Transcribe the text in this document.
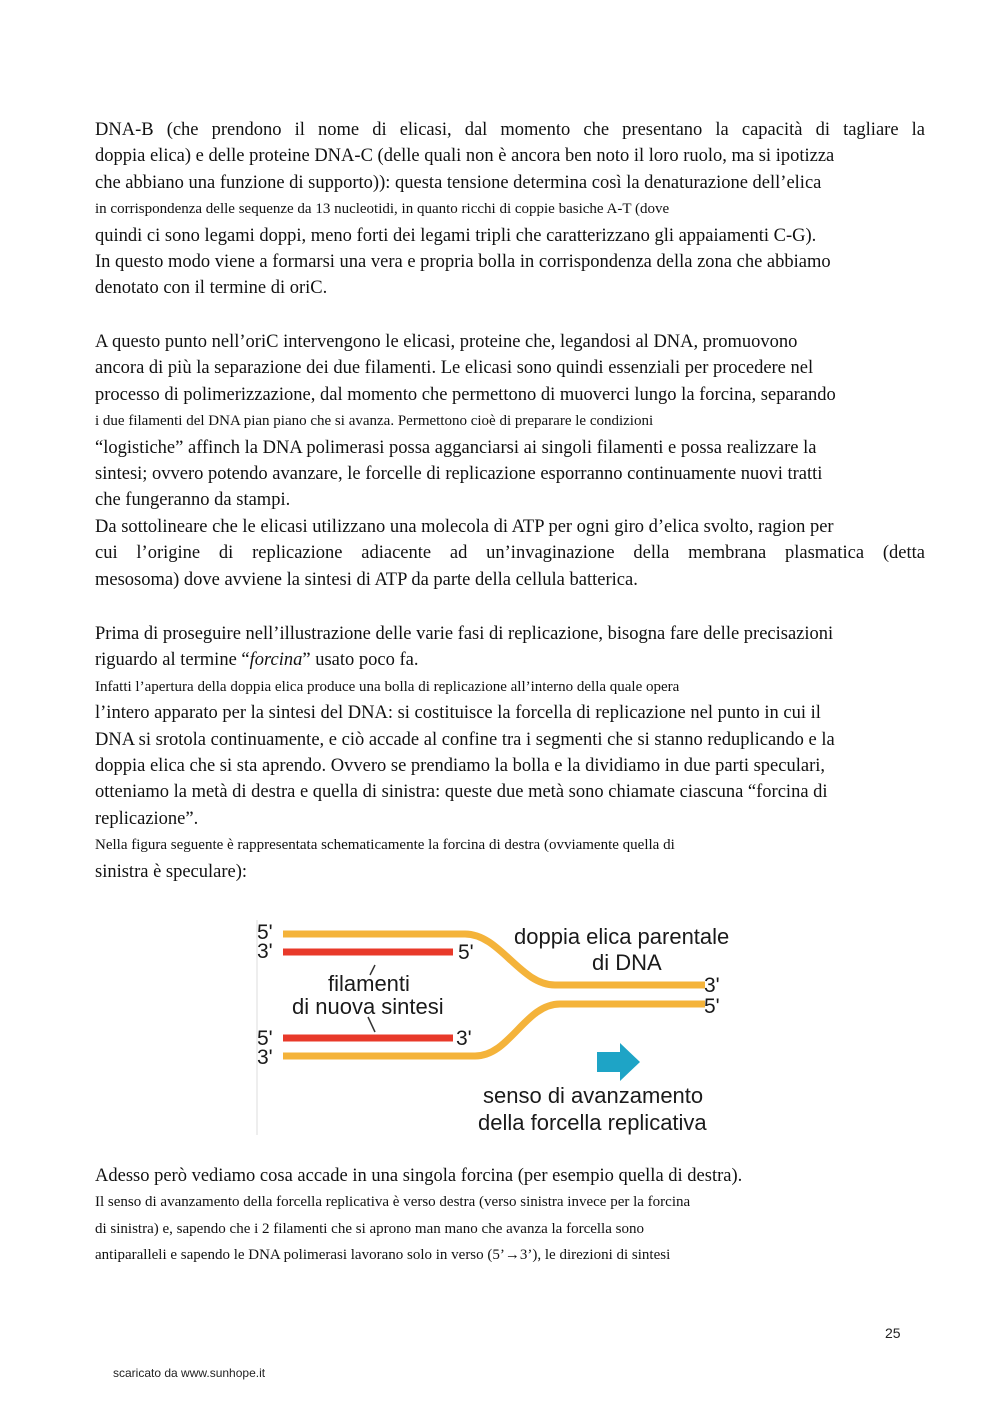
DNA-B (che prendono il nome di elicasi, dal momento che presentano la capacità di tagliare la
doppia elica) e delle proteine DNA-C (delle quali non è ancora ben noto il loro ruolo, ma si ipotizza
che abbiano una funzione di supporto)): questa tensione determina così la denaturazione dell’elica
in corrispondenza delle sequenze da 13 nucleotidi, in quanto ricchi di coppie basiche A-T (dove
quindi ci sono legami doppi, meno forti dei legami tripli che caratterizzano gli appaiamenti C-G).
In questo modo viene a formarsi una vera e propria bolla in corrispondenza della zona che abbiamo
denotato con il termine di oriC.
A questo punto nell’oriC intervengono le elicasi, proteine che, legandosi al DNA, promuovono
ancora di più la separazione dei due filamenti. Le elicasi sono quindi essenziali per procedere nel
processo di polimerizzazione, dal momento che permettono di muoverci lungo la forcina, separando
i due filamenti del DNA pian piano che si avanza. Permettono cioè di preparare le condizioni
“logistiche” affinch la DNA polimerasi possa agganciarsi ai singoli filamenti e possa realizzare la
sintesi; ovvero potendo avanzare, le forcelle di replicazione esporranno continuamente nuovi tratti
che fungeranno da stampi.
Da sottolineare che le elicasi utilizzano una molecola di ATP per ogni giro d’elica svolto, ragion per
cui l’origine di replicazione adiacente ad un’invaginazione della membrana plasmatica (detta
mesosoma) dove avviene la sintesi di ATP da parte della cellula batterica.
Prima di proseguire nell’illustrazione delle varie fasi di replicazione, bisogna fare delle precisazioni
riguardo al termine “forcina” usato poco fa.
Infatti l’apertura della doppia elica produce una bolla di replicazione all’interno della quale opera
l’intero apparato per la sintesi del DNA: si costituisce la forcella di replicazione nel punto in cui il
DNA si srotola continuamente, e ciò accade al confine tra i segmenti che si stanno reduplicando e la
doppia elica che si sta aprendo. Ovvero se prendiamo la bolla e la dividiamo in due parti speculari,
otteniamo la metà di destra e quella di sinistra: queste due metà sono chiamate ciascuna “forcina di
replicazione”.
Nella figura seguente è rappresentata schematicamente la forcina di destra (ovviamente quella di
sinistra è speculare):
5'
3'	5'
doppia elica parentale
di DNA
filamenti
di nuova sintesi
3'
5'
5'
3'
3'
senso di avanzamento
della forcella replicativa
Adesso però vediamo cosa accade in una singola forcina (per esempio quella di destra).
Il senso di avanzamento della forcella replicativa è verso destra (verso sinistra invece per la forcina
di sinistra) e, sapendo che i 2 filamenti che si aprono man mano che avanza la forcella sono
antiparalleli e sapendo le DNA polimerasi lavorano solo in verso (5’→3’), le direzioni di sintesi
25
scaricato da www.sunhope.it
